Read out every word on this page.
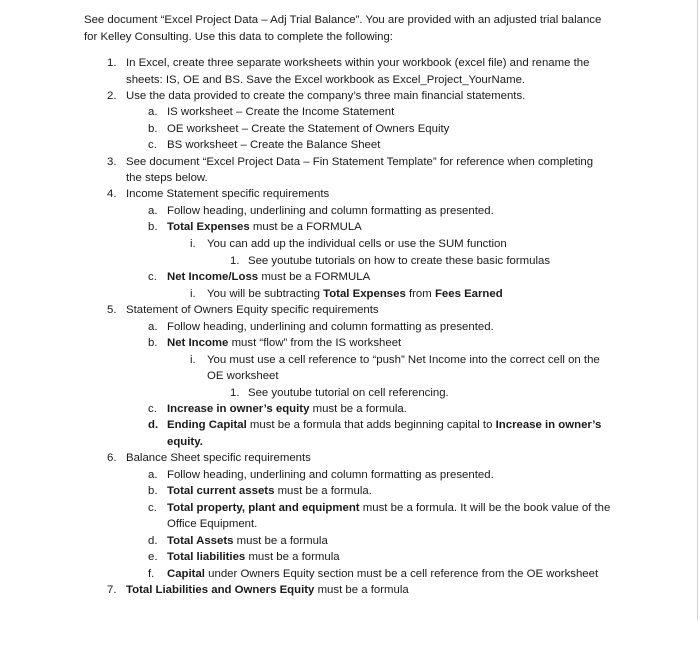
See document “Excel Project Data – Adj Trial Balance”. You are provided with an adjusted trial balance
for Kelley Consulting. Use this data to complete the following:
1. In Excel, create three separate worksheets within your workbook (excel file) and rename the
sheets: IS, OE and BS. Save the Excel workbook as Excel_Project_YourName.
2. Use the data provided to create the company’s three main financial statements.
a. IS worksheet – Create the Income Statement
b. OE worksheet – Create the Statement of Owners Equity
c. BS worksheet – Create the Balance Sheet
3. See document “Excel Project Data – Fin Statement Template” for reference when completing
the steps below.
4. Income Statement specific requirements
a. Follow heading, underlining and column formatting as presented.
b. Total Expenses must be a FORMULA
i. You can add up the individual cells or use the SUM function
1. See youtube tutorials on how to create these basic formulas
c. Net Income/Loss must be a FORMULA
i. You will be subtracting Total Expenses from Fees Earned
5. Statement of Owners Equity specific requirements
a. Follow heading, underlining and column formatting as presented.
b. Net Income must “flow” from the IS worksheet
i. You must use a cell reference to “push” Net Income into the correct cell on the
OE worksheet
1. See youtube tutorial on cell referencing.
c. Increase in owner’s equity must be a formula.
d. Ending Capital must be a formula that adds beginning capital to Increase in owner’s
equity.
6. Balance Sheet specific requirements
a. Follow heading, underlining and column formatting as presented.
b. Total current assets must be a formula.
c. Total property, plant and equipment must be a formula. It will be the book value of the
Office Equipment.
d. Total Assets must be a formula
e. Total liabilities must be a formula
f. Capital under Owners Equity section must be a cell reference from the OE worksheet
7. Total Liabilities and Owners Equity must be a formula
